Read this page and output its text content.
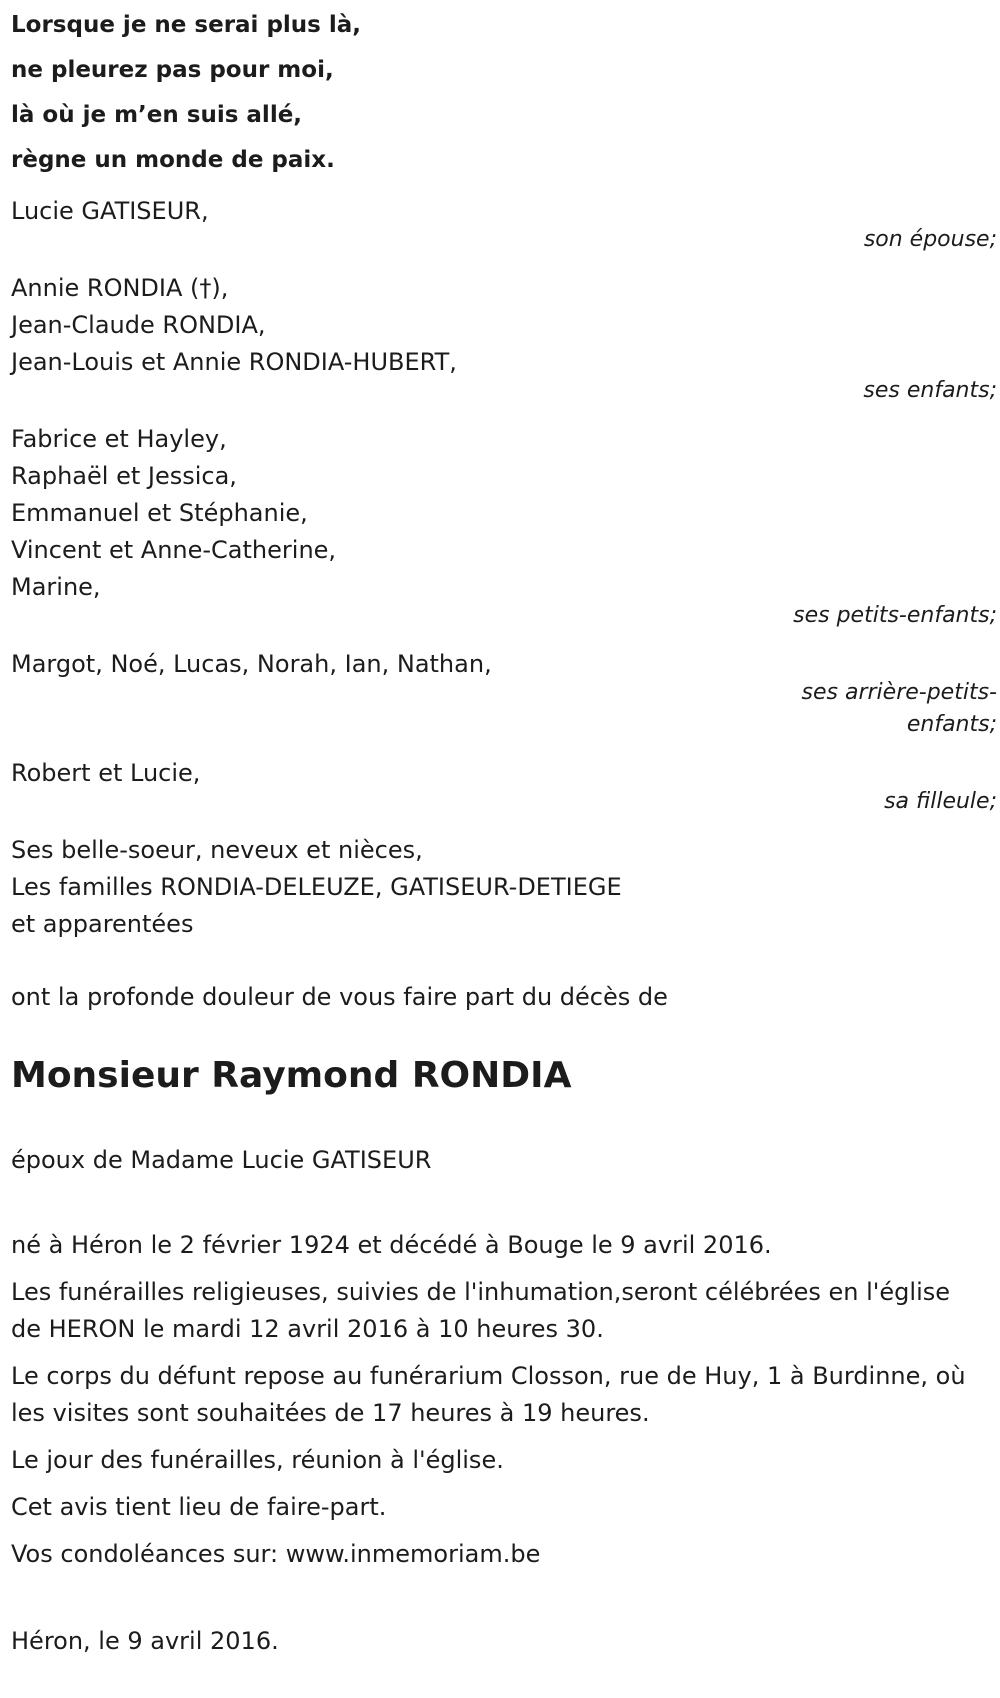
Lorsque je ne serai plus là,
ne pleurez pas pour moi,
là où je m’en suis allé,
règne un monde de paix.
Lucie GATISEUR,
son épouse;
Annie RONDIA (†),
Jean-Claude RONDIA,
Jean-Louis et Annie RONDIA-HUBERT,
ses enfants;
Fabrice et Hayley,
Raphaël et Jessica,
Emmanuel et Stéphanie,
Vincent et Anne-Catherine,
Marine,
ses petits-enfants;
Margot, Noé, Lucas, Norah, Ian, Nathan,
ses arrière-petits-enfants;
Robert et Lucie,
sa filleule;
Ses belle-soeur, neveux et nièces,
Les familles RONDIA-DELEUZE, GATISEUR-DETIEGE
et apparentées
ont la profonde douleur de vous faire part du décès de
Monsieur Raymond RONDIA
époux de Madame Lucie GATISEUR

né à Héron le 2 février 1924 et décédé à Bouge le 9 avril 2016.

Les funérailles religieuses, suivies de l'inhumation,seront célébrées en l'église de HERON le mardi 12 avril 2016 à 10 heures 30.

Le corps du défunt repose au funérarium Closson, rue de Huy, 1 à Burdinne, où les visites sont souhaitées de 17 heures à 19 heures.

Le jour des funérailles, réunion à l'église.

Cet avis tient lieu de faire-part.

Vos condoléances sur: www.inmemoriam.be

Héron, le 9 avril 2016.
